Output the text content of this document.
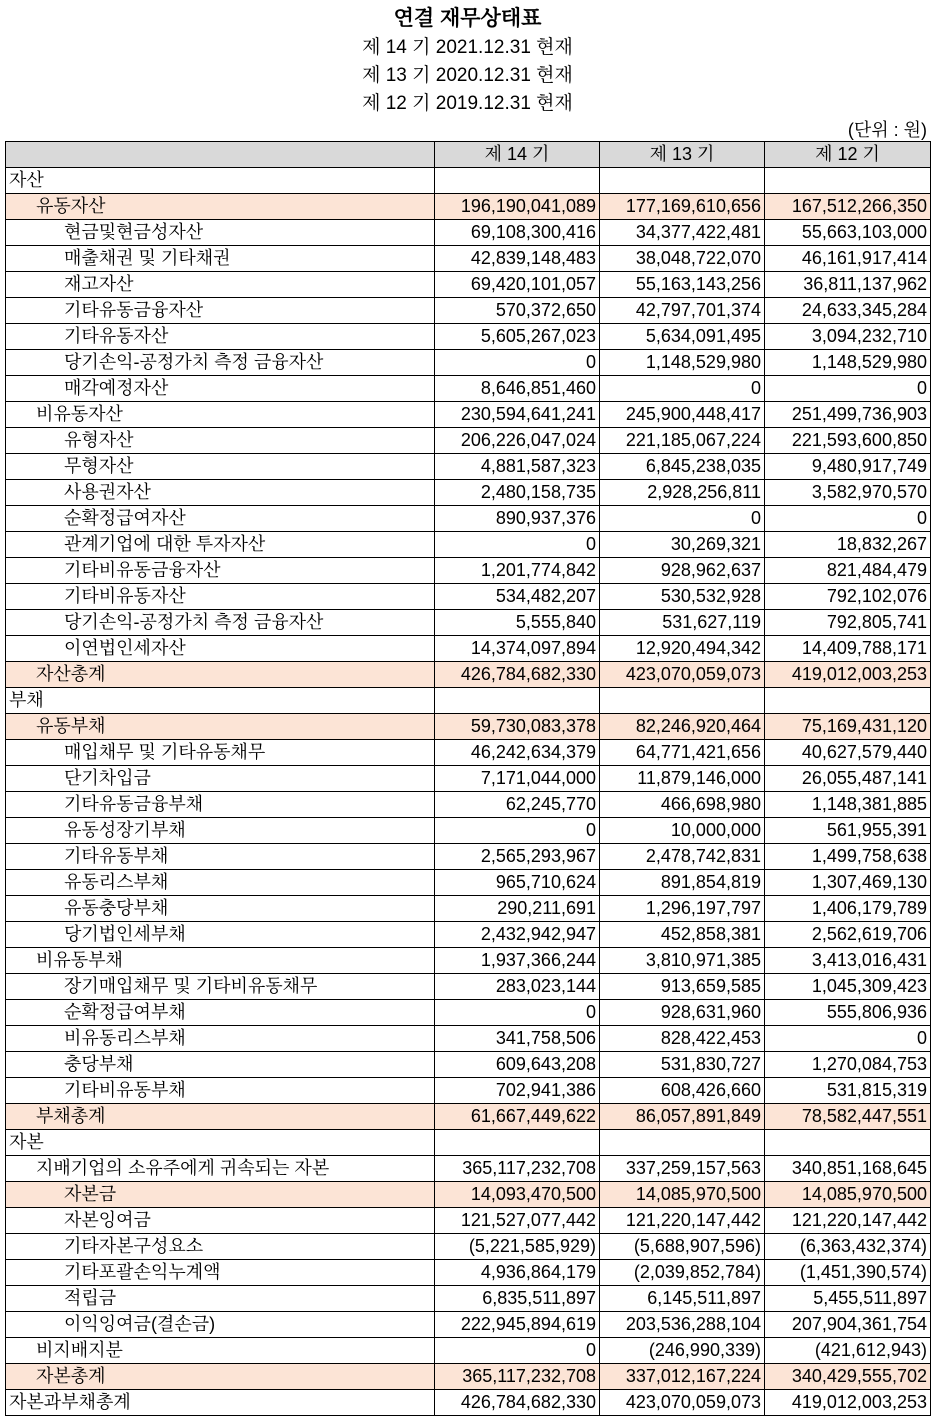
연결 재무상태표
제 14 기 2021.12.31 현재
제 13 기 2020.12.31 현재
제 12 기 2019.12.31 현재
(단위 : 원)
	제 14 기	제 13 기	제 12 기
자산			
유동자산	196,190,041,089	177,169,610,656	167,512,266,350
현금및현금성자산	69,108,300,416	34,377,422,481	55,663,103,000
매출채권 및 기타채권	42,839,148,483	38,048,722,070	46,161,917,414
재고자산	69,420,101,057	55,163,143,256	36,811,137,962
기타유동금융자산	570,372,650	42,797,701,374	24,633,345,284
기타유동자산	5,605,267,023	5,634,091,495	3,094,232,710
당기손익-공정가치 측정 금융자산	0	1,148,529,980	1,148,529,980
매각예정자산	8,646,851,460	0	0
비유동자산	230,594,641,241	245,900,448,417	251,499,736,903
유형자산	206,226,047,024	221,185,067,224	221,593,600,850
무형자산	4,881,587,323	6,845,238,035	9,480,917,749
사용권자산	2,480,158,735	2,928,256,811	3,582,970,570
순확정급여자산	890,937,376	0	0
관계기업에 대한 투자자산	0	30,269,321	18,832,267
기타비유동금융자산	1,201,774,842	928,962,637	821,484,479
기타비유동자산	534,482,207	530,532,928	792,102,076
당기손익-공정가치 측정 금융자산	5,555,840	531,627,119	792,805,741
이연법인세자산	14,374,097,894	12,920,494,342	14,409,788,171
자산총계	426,784,682,330	423,070,059,073	419,012,003,253
부채			
유동부채	59,730,083,378	82,246,920,464	75,169,431,120
매입채무 및 기타유동채무	46,242,634,379	64,771,421,656	40,627,579,440
단기차입금	7,171,044,000	11,879,146,000	26,055,487,141
기타유동금융부채	62,245,770	466,698,980	1,148,381,885
유동성장기부채	0	10,000,000	561,955,391
기타유동부채	2,565,293,967	2,478,742,831	1,499,758,638
유동리스부채	965,710,624	891,854,819	1,307,469,130
유동충당부채	290,211,691	1,296,197,797	1,406,179,789
당기법인세부채	2,432,942,947	452,858,381	2,562,619,706
비유동부채	1,937,366,244	3,810,971,385	3,413,016,431
장기매입채무 및 기타비유동채무	283,023,144	913,659,585	1,045,309,423
순확정급여부채	0	928,631,960	555,806,936
비유동리스부채	341,758,506	828,422,453	0
충당부채	609,643,208	531,830,727	1,270,084,753
기타비유동부채	702,941,386	608,426,660	531,815,319
부채총계	61,667,449,622	86,057,891,849	78,582,447,551
자본			
지배기업의 소유주에게 귀속되는 자본	365,117,232,708	337,259,157,563	340,851,168,645
자본금	14,093,470,500	14,085,970,500	14,085,970,500
자본잉여금	121,527,077,442	121,220,147,442	121,220,147,442
기타자본구성요소	(5,221,585,929)	(5,688,907,596)	(6,363,432,374)
기타포괄손익누계액	4,936,864,179	(2,039,852,784)	(1,451,390,574)
적립금	6,835,511,897	6,145,511,897	5,455,511,897
이익잉여금(결손금)	222,945,894,619	203,536,288,104	207,904,361,754
비지배지분	0	(246,990,339)	(421,612,943)
자본총계	365,117,232,708	337,012,167,224	340,429,555,702
자본과부채총계	426,784,682,330	423,070,059,073	419,012,003,253
